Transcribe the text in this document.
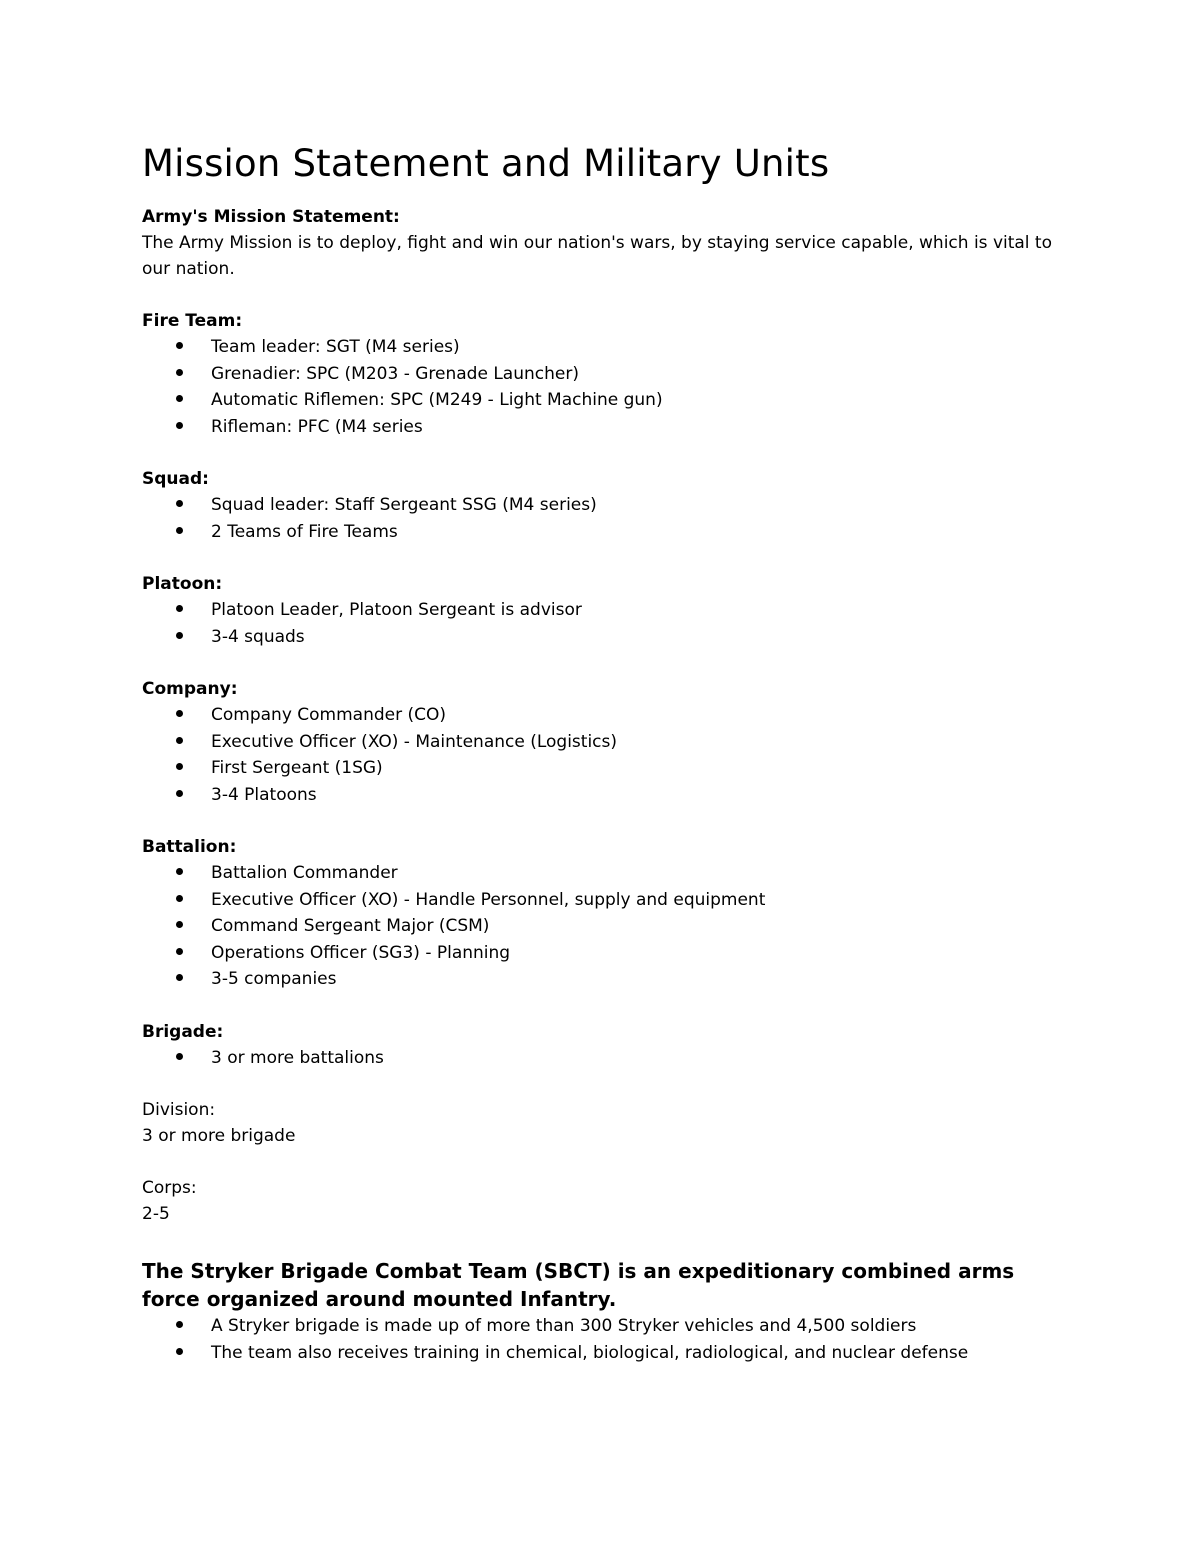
Mission Statement and Military Units

Army's Mission Statement:

The Army Mission is to deploy, fight and win our nation's wars, by staying service capable, which is vital to our nation.

Fire Team:

Team leader: SGT (M4 series)
Grenadier: SPC (M203 - Grenade Launcher)
Automatic Riflemen: SPC (M249 - Light Machine gun)
Rifleman: PFC (M4 series

Squad:

Squad leader: Staff Sergeant SSG (M4 series)
2 Teams of Fire Teams

Platoon:

Platoon Leader, Platoon Sergeant is advisor
3-4 squads

Company:

Company Commander (CO)
Executive Officer (XO) - Maintenance (Logistics)
First Sergeant (1SG)
3-4 Platoons

Battalion:

Battalion Commander
Executive Officer (XO) - Handle Personnel, supply and equipment
Command Sergeant Major (CSM)
Operations Officer (SG3) - Planning
3-5 companies

Brigade:

3 or more battalions

Division:

3 or more brigade

Corps:

2-5

The Stryker Brigade Combat Team (SBCT) is an expeditionary combined arms force organized around mounted Infantry.

A Stryker brigade is made up of more than 300 Stryker vehicles and 4,500 soldiers
The team also receives training in chemical, biological, radiological, and nuclear defense
